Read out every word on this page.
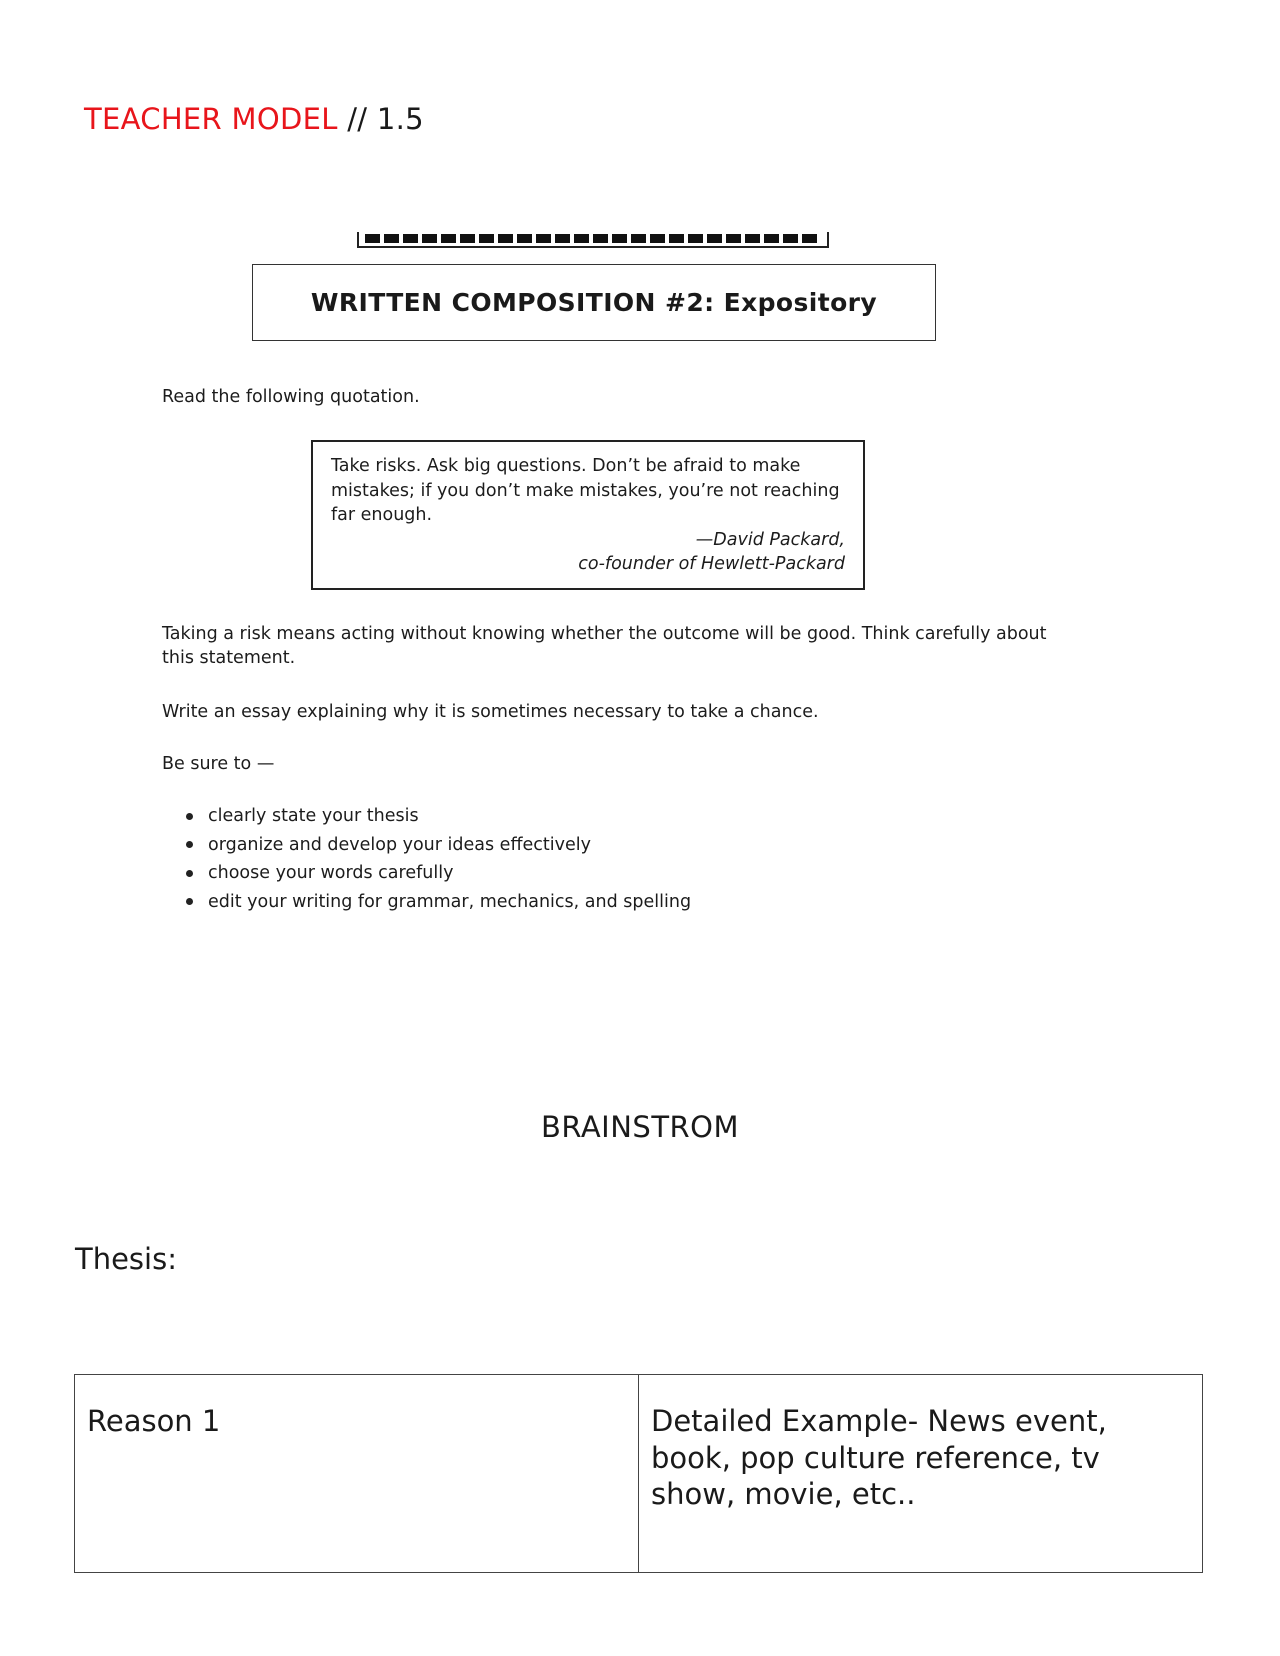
TEACHER MODEL // 1.5
WRITTEN COMPOSITION #2: Expository
Read the following quotation.
Take risks. Ask big questions. Don’t be afraid to make mistakes; if you don’t make mistakes, you’re not reaching far enough.
—David Packard,
co-founder of Hewlett-Packard
Taking a risk means acting without knowing whether the outcome will be good. Think carefully about this statement.
Write an essay explaining why it is sometimes necessary to take a chance.
Be sure to —
clearly state your thesis
organize and develop your ideas effectively
choose your words carefully
edit your writing for grammar, mechanics, and spelling
BRAINSTROM
Thesis:
Reason 1	Detailed Example- News event, book, pop culture reference, tv show, movie, etc..
